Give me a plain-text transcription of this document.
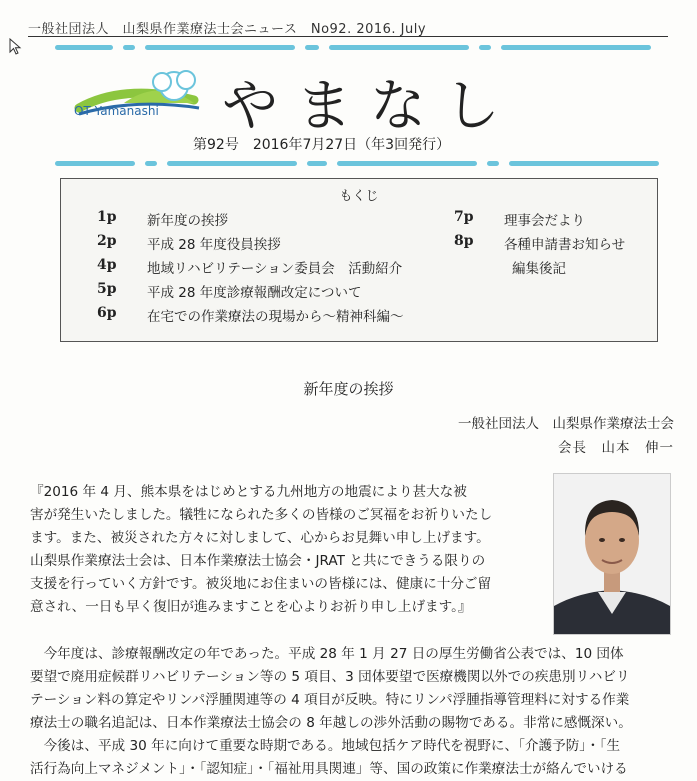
一般社団法人　山梨県作業療法士会ニュース　No92. 2016. July
OT Yamanashi やまなし
第92号　2016年7月27日（年3回発行）
もくじ
1p 新年度の挨拶
2p 平成 28 年度役員挨拶
4p 地域リハビリテーション委員会　活動紹介
5p 平成 28 年度診療報酬改定について
6p 在宅での作業療法の現場から～精神科編～
7p 理事会だより
8p 各種申請書お知らせ
編集後記
新年度の挨拶
一般社団法人　山梨県作業療法士会
会長　山本　伸一
『2016 年 4 月、熊本県をはじめとする九州地方の地震により甚大な被
害が発生いたしました。犠牲になられた多くの皆様のご冥福をお祈りいたし
ます。また、被災された方々に対しまして、心からお見舞い申し上げます。
山梨県作業療法士会は、日本作業療法士協会・JRAT と共にできうる限りの
支援を行っていく方針です。被災地にお住まいの皆様には、健康に十分ご留
意され、一日も早く復旧が進みますことを心よりお祈り申し上げます。』
　今年度は、診療報酬改定の年であった。平成 28 年 1 月 27 日の厚生労働省公表では、10 団体
要望で廃用症候群リハビリテーション等の 5 項目、3 団体要望で医療機関以外での疾患別リハビリ
テーション料の算定やリンパ浮腫関連等の 4 項目が反映。特にリンパ浮腫指導管理料に対する作業
療法士の職名追記は、日本作業療法士協会の 8 年越しの渉外活動の賜物である。非常に感慨深い。
　今後は、平成 30 年に向けて重要な時期である。地域包括ケア時代を視野に、「介護予防」・「生
活行為向上マネジメント」・「認知症」・「福祉用具関連」等、国の政策に作業療法士が絡んでいける
